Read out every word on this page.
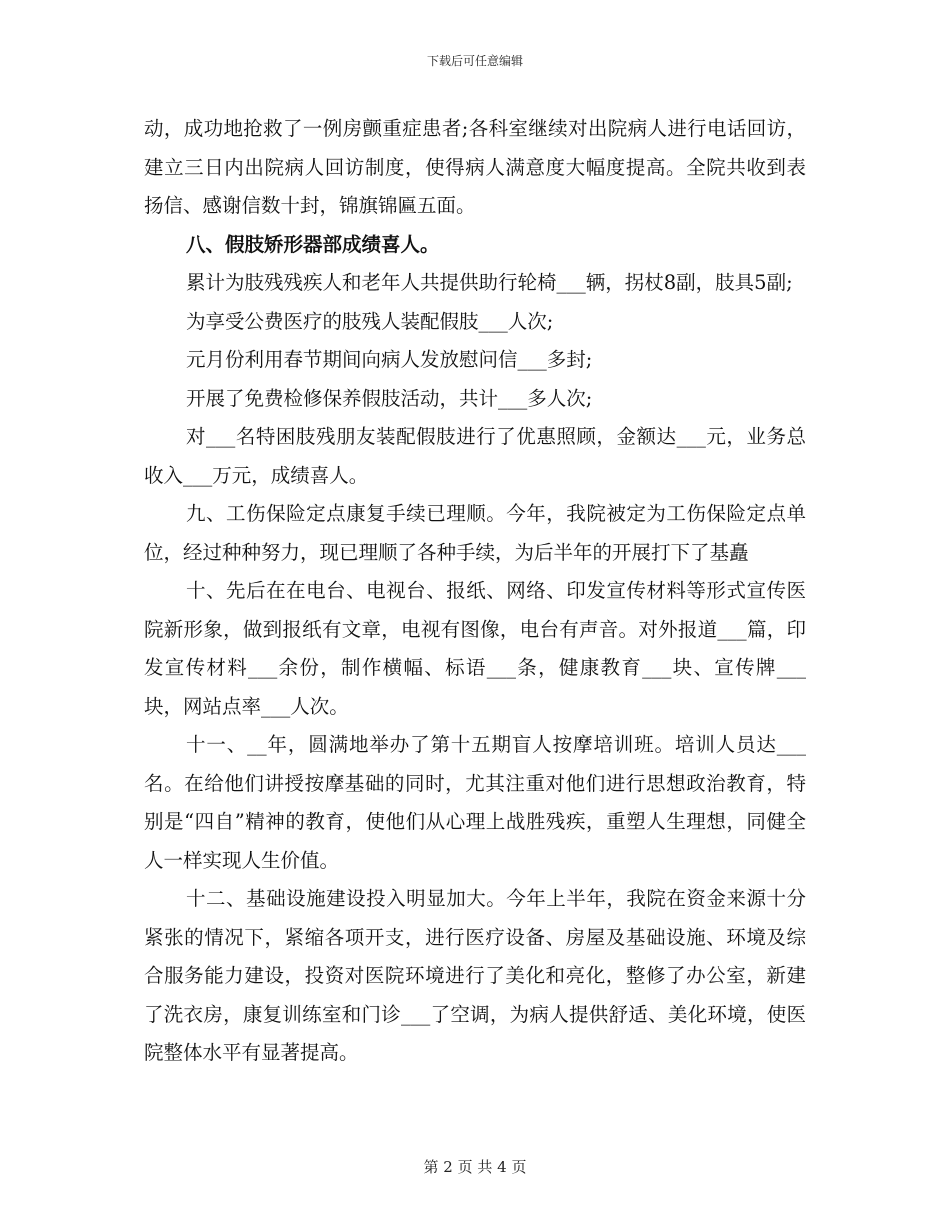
下载后可任意编辑

动，成功地抢救了一例房颤重症患者;各科室继续对出院病人进行电话回访，建立三日内出院病人回访制度，使得病人满意度大幅度提高。全院共收到表扬信、感谢信数十封，锦旗锦匾五面。

八、假肢矫形器部成绩喜人。

累计为肢残残疾人和老年人共提供助行轮椅___辆，拐杖8副，肢具5副;

为享受公费医疗的肢残人装配假肢___人次;

元月份利用春节期间向病人发放慰问信___多封;

开展了免费检修保养假肢活动，共计___多人次;

对___名特困肢残朋友装配假肢进行了优惠照顾，金额达___元，业务总收入___万元，成绩喜人。

九、工伤保险定点康复手续已理顺。今年，我院被定为工伤保险定点单位，经过种种努力，现已理顺了各种手续，为后半年的开展打下了基矗

十、先后在在电台、电视台、报纸、网络、印发宣传材料等形式宣传医院新形象，做到报纸有文章，电视有图像，电台有声音。对外报道___篇，印发宣传材料___余份，制作横幅、标语___条，健康教育___块、宣传牌___块，网站点率___人次。

十一、__年，圆满地举办了第十五期盲人按摩培训班。培训人员达___名。在给他们讲授按摩基础的同时，尤其注重对他们进行思想政治教育，特别是“四自”精神的教育，使他们从心理上战胜残疾，重塑人生理想，同健全人一样实现人生价值。

十二、基础设施建设投入明显加大。今年上半年，我院在资金来源十分紧张的情况下，紧缩各项开支，进行医疗设备、房屋及基础设施、环境及综合服务能力建设，投资对医院环境进行了美化和亮化，整修了办公室，新建了洗衣房，康复训练室和门诊___了空调，为病人提供舒适、美化环境，使医院整体水平有显著提高。

第 2 页 共 4 页
